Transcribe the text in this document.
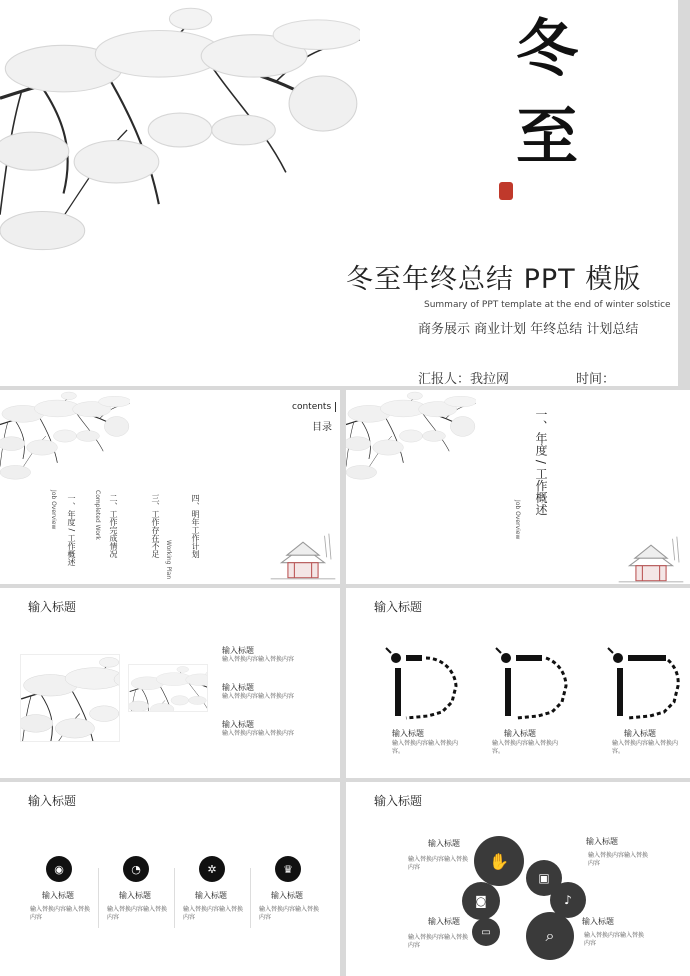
冬
至
冬至年终总结 PPT 模版
Summary of PPT template at the end of winter solstice
商务展示 商业计划 年终总结 计划总结
汇报人：我拉网	时间：
contents
目录
四、明年工作计划
三、工作存在不足
Working Plan
二、工作完成情况
Completed Work
一、年度 / 工作概述
Job Overview	一、年度 / 工作概述
Job Overview
输入标题
输入标题
输入替换内容输入替换内容
输入标题
输入替换内容输入替换内容
输入标题
输入替换内容输入替换内容
输入标题
输入标题
输入替换内容输入替换内容。
输入标题
输入替换内容输入替换内容。
输入标题
输入替换内容输入替换内容。
输入标题
◉	◔	✲	♛
输入标题
输入替换内容输入替换内容
输入标题
输入替换内容输入替换内容
输入标题
输入替换内容输入替换内容
输入标题
输入替换内容输入替换内容
输入标题
✋
▣
◙	♪
▭	⌕
输入标题
输入替换内容输入替换内容
输入标题
输入替换内容输入替换内容
输入标题
输入替换内容输入替换内容
输入标题
输入替换内容输入替换内容
